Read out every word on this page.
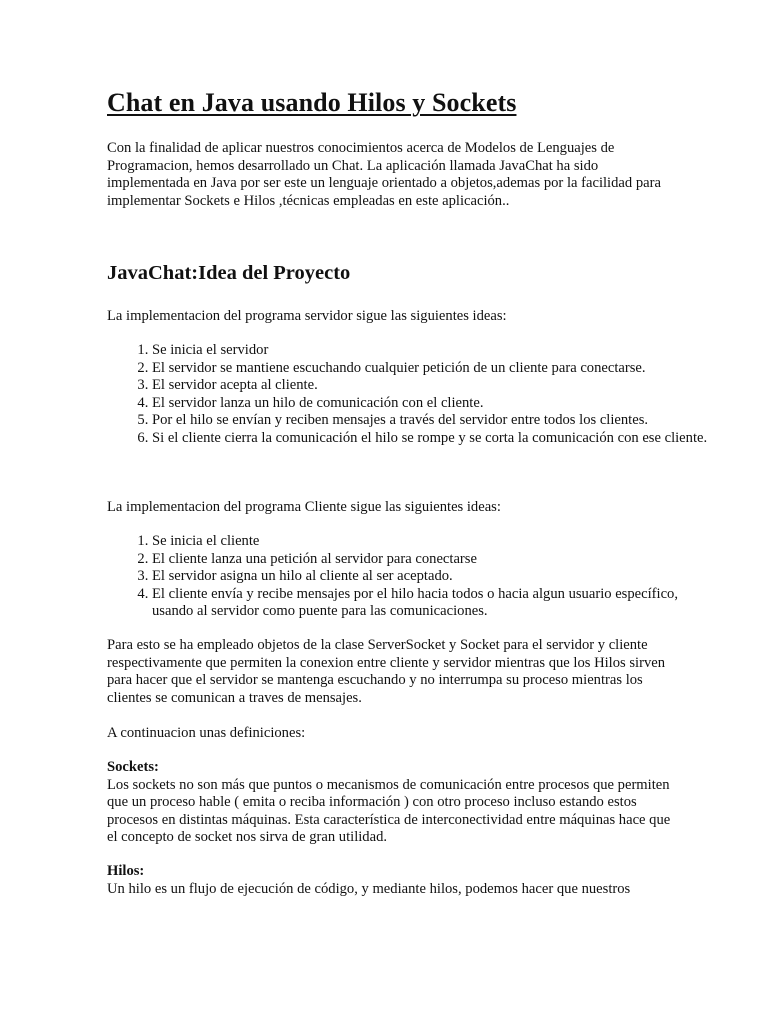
Chat en Java usando Hilos y Sockets

Con la finalidad de aplicar nuestros conocimientos acerca de Modelos de Lenguajes de Programacion, hemos desarrollado un Chat. La aplicación llamada JavaChat ha sido implementada en Java por ser este un lenguaje orientado a objetos,ademas por la facilidad para implementar Sockets e Hilos ,técnicas empleadas en este aplicación..

JavaChat:Idea del Proyecto

La implementacion del programa servidor sigue las siguientes ideas:

1. Se inicia el servidor
2. El servidor se mantiene escuchando cualquier petición de un cliente para conectarse.
3. El servidor acepta al cliente.
4. El servidor lanza un hilo de comunicación con el cliente.
5. Por el hilo se envían y reciben mensajes a través del servidor entre todos los clientes.
6. Si el cliente cierra la comunicación el hilo se rompe y se corta la comunicación con ese cliente.

La implementacion del programa Cliente sigue las siguientes ideas:

1. Se inicia el cliente
2. El cliente lanza una petición al servidor para conectarse
3. El servidor asigna un hilo al cliente al ser aceptado.
4. El cliente envía y recibe mensajes por el hilo hacia todos o hacia algun usuario específico, usando al servidor como puente para las comunicaciones.

Para esto se ha empleado objetos de la clase ServerSocket y Socket para el servidor y cliente respectivamente que permiten la conexion entre cliente y servidor mientras que los Hilos sirven para hacer que el servidor se mantenga escuchando y no interrumpa su proceso mientras los clientes se comunican a traves de mensajes.

A continuacion unas definiciones:

Sockets:
Los sockets no son más que puntos o mecanismos de comunicación entre procesos que permiten que un proceso hable ( emita o reciba información ) con otro proceso incluso estando estos procesos en distintas máquinas. Esta característica de interconectividad entre máquinas hace que el concepto de socket nos sirva de gran utilidad.
Hilos:
Un hilo es un flujo de ejecución de código, y mediante hilos, podemos hacer que nuestros
